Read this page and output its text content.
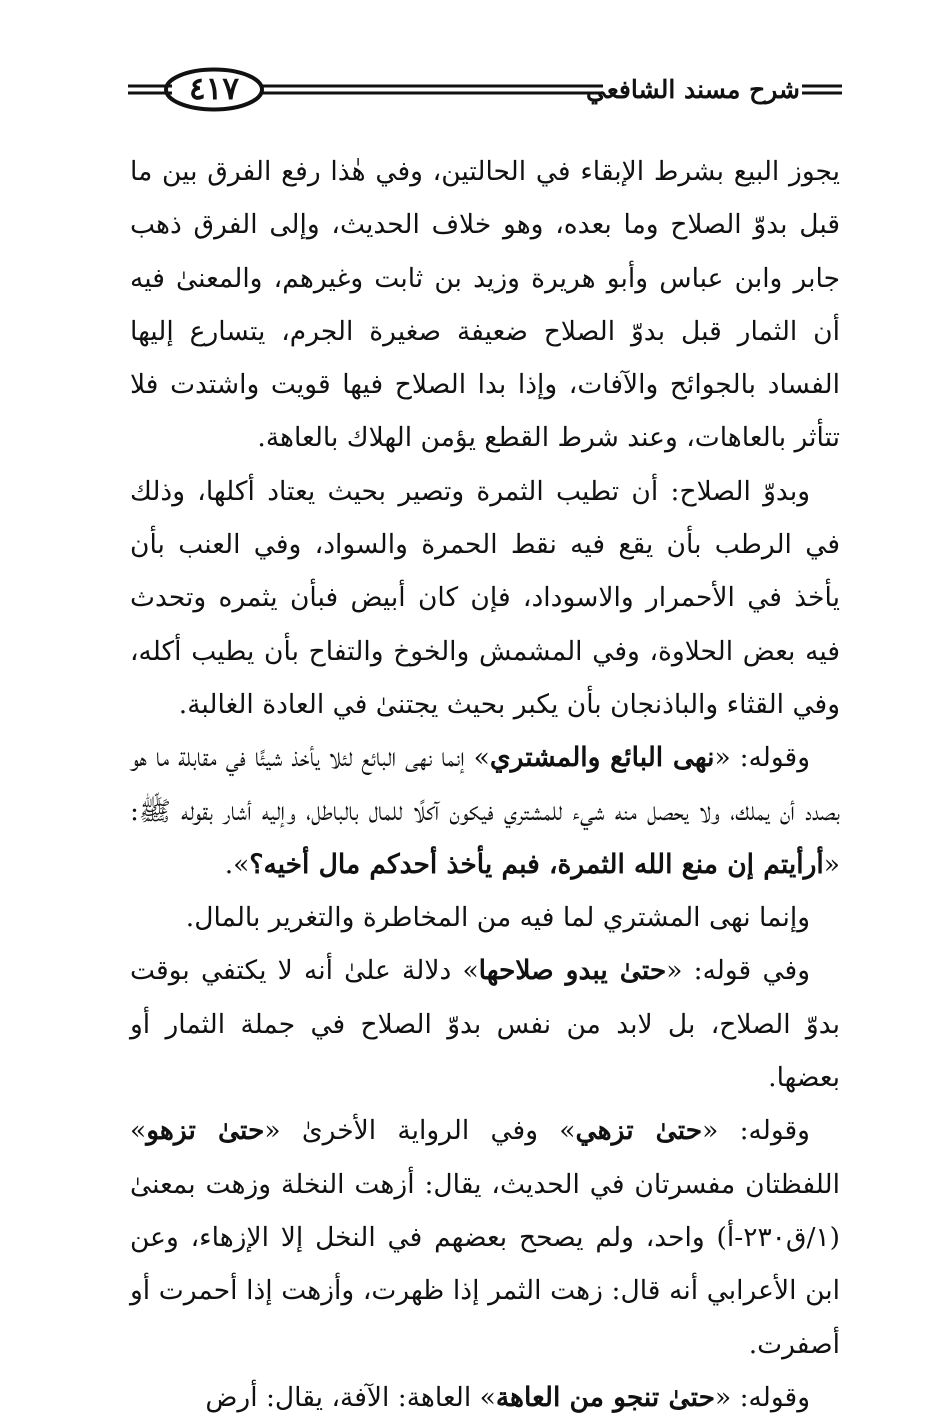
٤١٧	شرح مسند الشافعي

يجوز البيع بشرط الإبقاء في الحالتين، وفي هٰذا رفع الفرق بين ما قبل بدوّ الصلاح وما بعده، وهو خلاف الحديث، وإلى الفرق ذهب جابر وابن عباس وأبو هريرة وزيد بن ثابت وغيرهم، والمعنىٰ فيه أن الثمار قبل بدوّ الصلاح ضعيفة صغيرة الجرم، يتسارع إليها الفساد بالجوائح والآفات، وإذا بدا الصلاح فيها قويت واشتدت فلا تتأثر بالعاهات، وعند شرط القطع يؤمن الهلاك بالعاهة.

وبدوّ الصلاح: أن تطيب الثمرة وتصير بحيث يعتاد أكلها، وذلك في الرطب بأن يقع فيه نقط الحمرة والسواد، وفي العنب بأن يأخذ في الأحمرار والاسوداد، فإن كان أبيض فبأن يثمره وتحدث فيه بعض الحلاوة، وفي المشمش والخوخ والتفاح بأن يطيب أكله، وفي القثاء والباذنجان بأن يكبر بحيث يجتنىٰ في العادة الغالبة.

وقوله: «نهى البائع والمشتري» إنما نهى البائع لئلا يأخذ شيئًا في مقابلة ما هو بصدد أن يملك، ولا يحصل منه شيء للمشتري فيكون آكلًا للمال بالباطل، وإليه أشار بقوله ﷺ: «أرأيتم إن منع الله الثمرة، فبم يأخذ أحدكم مال أخيه؟».

وإنما نهى المشتري لما فيه من المخاطرة والتغرير بالمال.

وفي قوله: «حتىٰ يبدو صلاحها» دلالة علىٰ أنه لا يكتفي بوقت بدوّ الصلاح، بل لابد من نفس بدوّ الصلاح في جملة الثمار أو بعضها.

وقوله: «حتىٰ تزهي» وفي الرواية الأخرىٰ «حتىٰ تزهو» اللفظتان مفسرتان في الحديث، يقال: أزهت النخلة وزهت بمعنىٰ (١/ق٢٣٠-أ) واحد، ولم يصحح بعضهم في النخل إلا الإزهاء، وعن ابن الأعرابي أنه قال: زهت الثمر إذا ظهرت، وأزهت إذا أحمرت أو أصفرت.

وقوله: «حتىٰ تنجو من العاهة» العاهة: الآفة، يقال: أرض
